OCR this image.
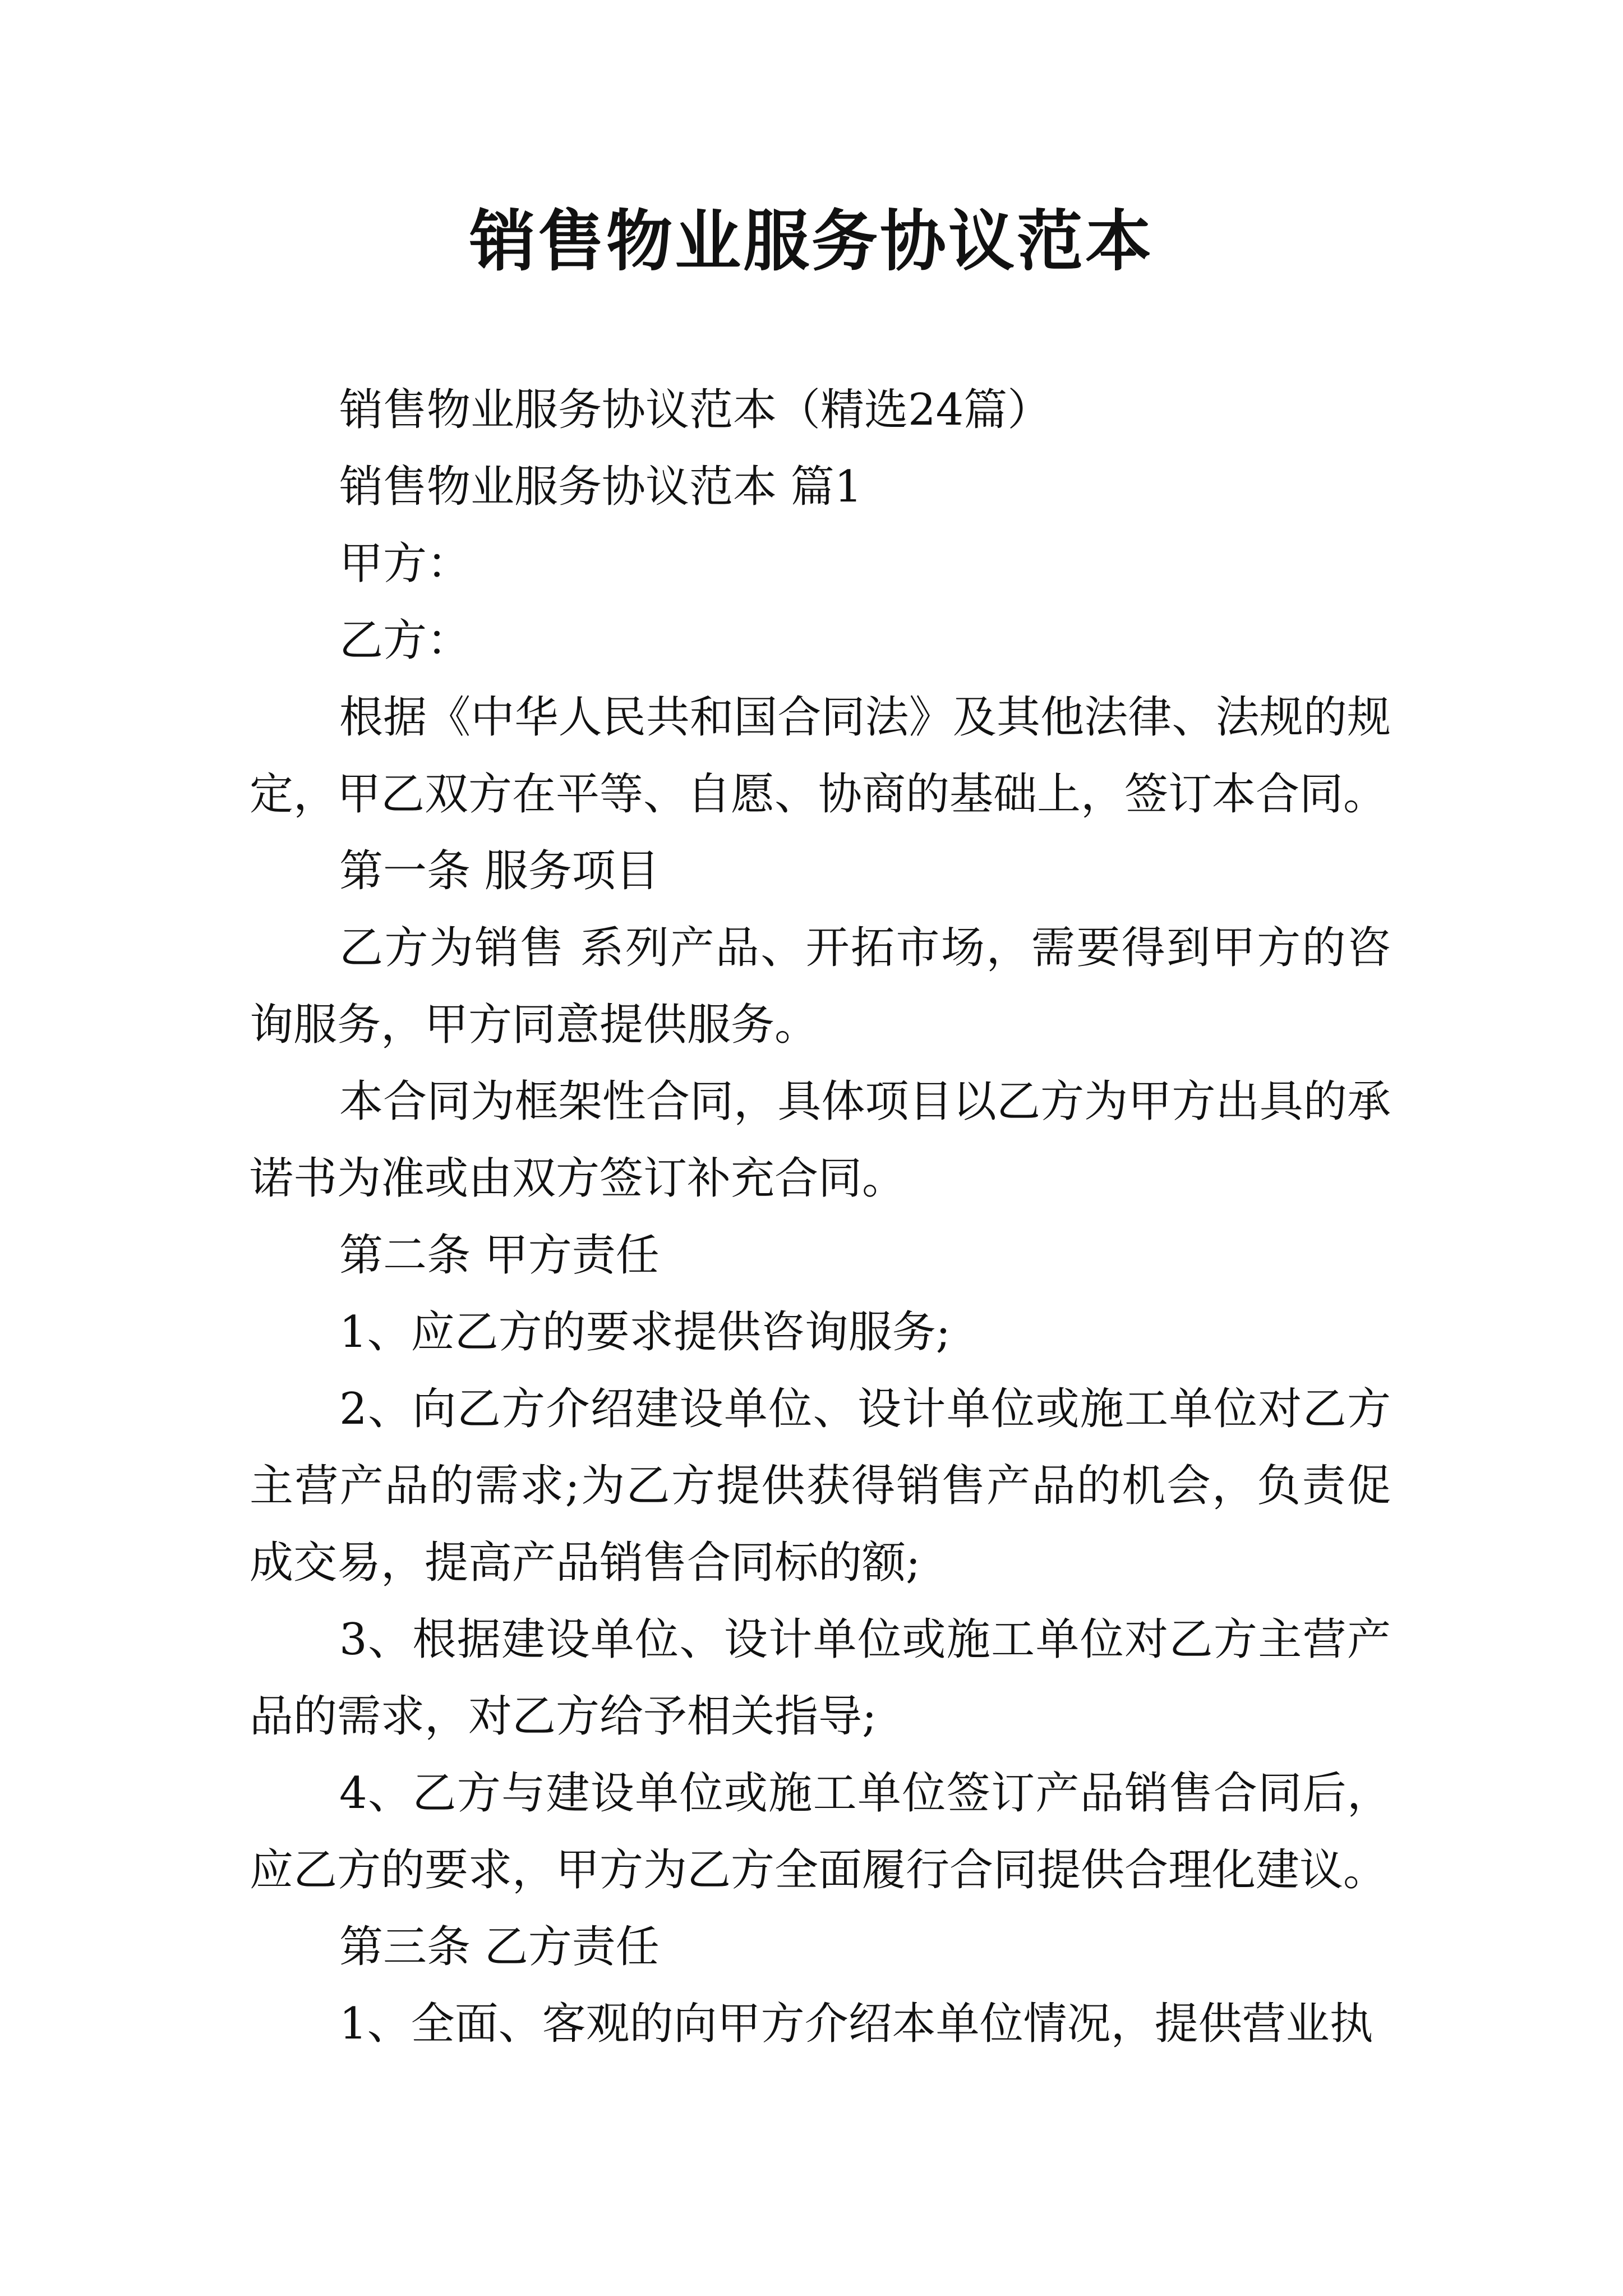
销售物业服务协议范本

销售物业服务协议范本（精选24篇）

销售物业服务协议范本 篇1

甲方：

乙方：

根据《中华人民共和国合同法》及其他法律、法规的规定，甲乙双方在平等、自愿、协商的基础上，签订本合同。

第一条 服务项目

乙方为销售 系列产品、开拓市场，需要得到甲方的咨询服务，甲方同意提供服务。

本合同为框架性合同，具体项目以乙方为甲方出具的承诺书为准或由双方签订补充合同。

第二条 甲方责任

1、应乙方的要求提供咨询服务;

2、向乙方介绍建设单位、设计单位或施工单位对乙方主营产品的需求;为乙方提供获得销售产品的机会，负责促成交易，提高产品销售合同标的额;

3、根据建设单位、设计单位或施工单位对乙方主营产品的需求，对乙方给予相关指导;

4、乙方与建设单位或施工单位签订产品销售合同后，应乙方的要求，甲方为乙方全面履行合同提供合理化建议。

第三条 乙方责任

1、全面、客观的向甲方介绍本单位情况，提供营业执
